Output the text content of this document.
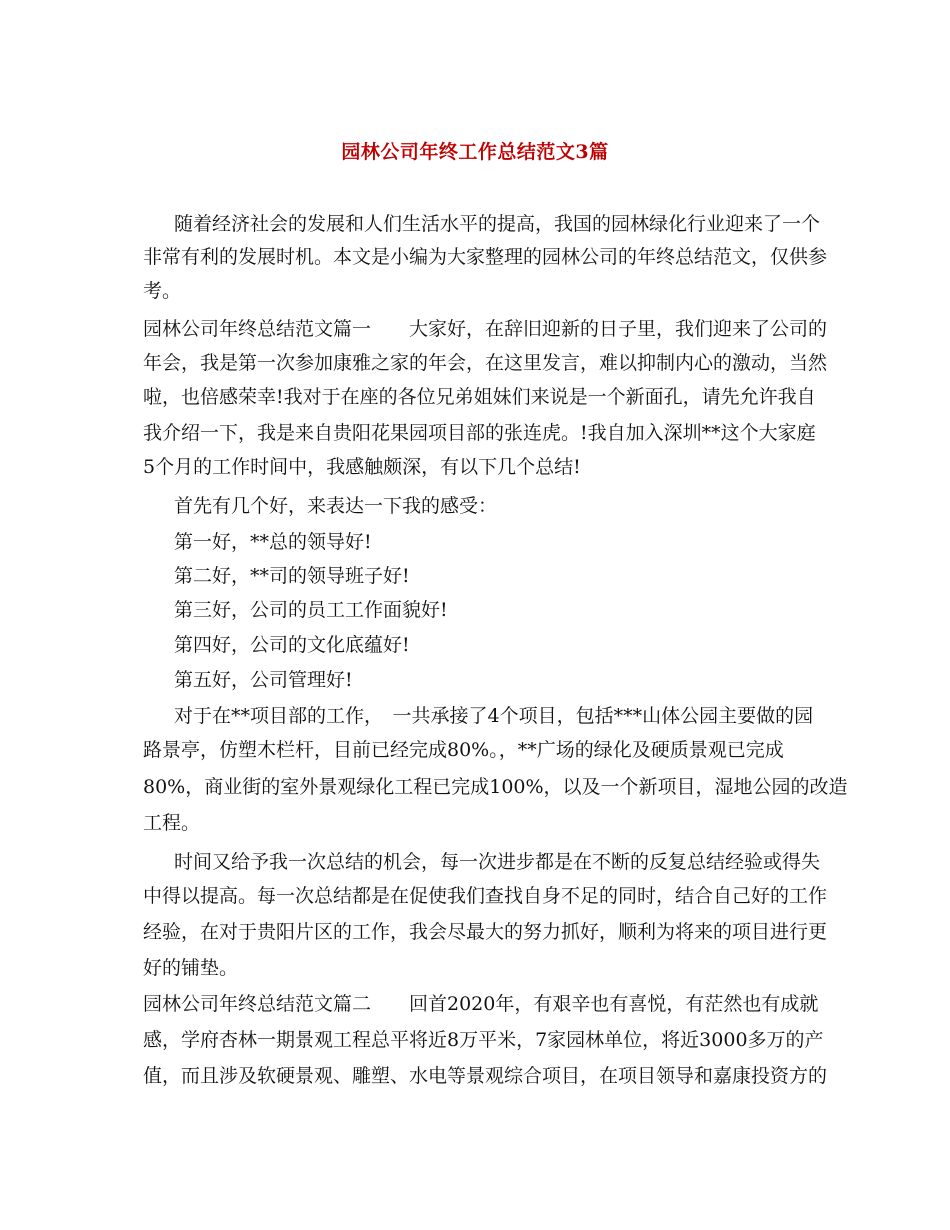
园林公司年终工作总结范文3篇
随着经济社会的发展和人们生活水平的提高，我国的园林绿化行业迎来了一个
非常有利的发展时机。本文是小编为大家整理的园林公司的年终总结范文，仅供参
考。
园林公司年终总结范文篇一　　大家好，在辞旧迎新的日子里，我们迎来了公司的
年会，我是第一次参加康雅之家的年会，在这里发言，难以抑制内心的激动，当然
啦，也倍感荣幸!我对于在座的各位兄弟姐妹们来说是一个新面孔，请先允许我自
我介绍一下，我是来自贵阳花果园项目部的张连虎。!我自加入深圳**这个大家庭
5个月的工作时间中，我感触颇深，有以下几个总结!
首先有几个好，来表达一下我的感受：
第一好，**总的领导好!
第二好，**司的领导班子好!
第三好，公司的员工工作面貌好!
第四好，公司的文化底蕴好!
第五好，公司管理好!
对于在**项目部的工作，　一共承接了4个项目，包括***山体公园主要做的园
路景亭，仿塑木栏杆，目前已经完成80%。，**广场的绿化及硬质景观已完成
80%，商业街的室外景观绿化工程已完成100%，以及一个新项目，湿地公园的改造
工程。
时间又给予我一次总结的机会，每一次进步都是在不断的反复总结经验或得失
中得以提高。每一次总结都是在促使我们查找自身不足的同时，结合自己好的工作
经验，在对于贵阳片区的工作，我会尽最大的努力抓好，顺利为将来的项目进行更
好的铺垫。
园林公司年终总结范文篇二　　回首2020年，有艰辛也有喜悦，有茫然也有成就
感，学府杏林一期景观工程总平将近8万平米，7家园林单位，将近3000多万的产
值，而且涉及软硬景观、雕塑、水电等景观综合项目，在项目领导和嘉康投资方的
